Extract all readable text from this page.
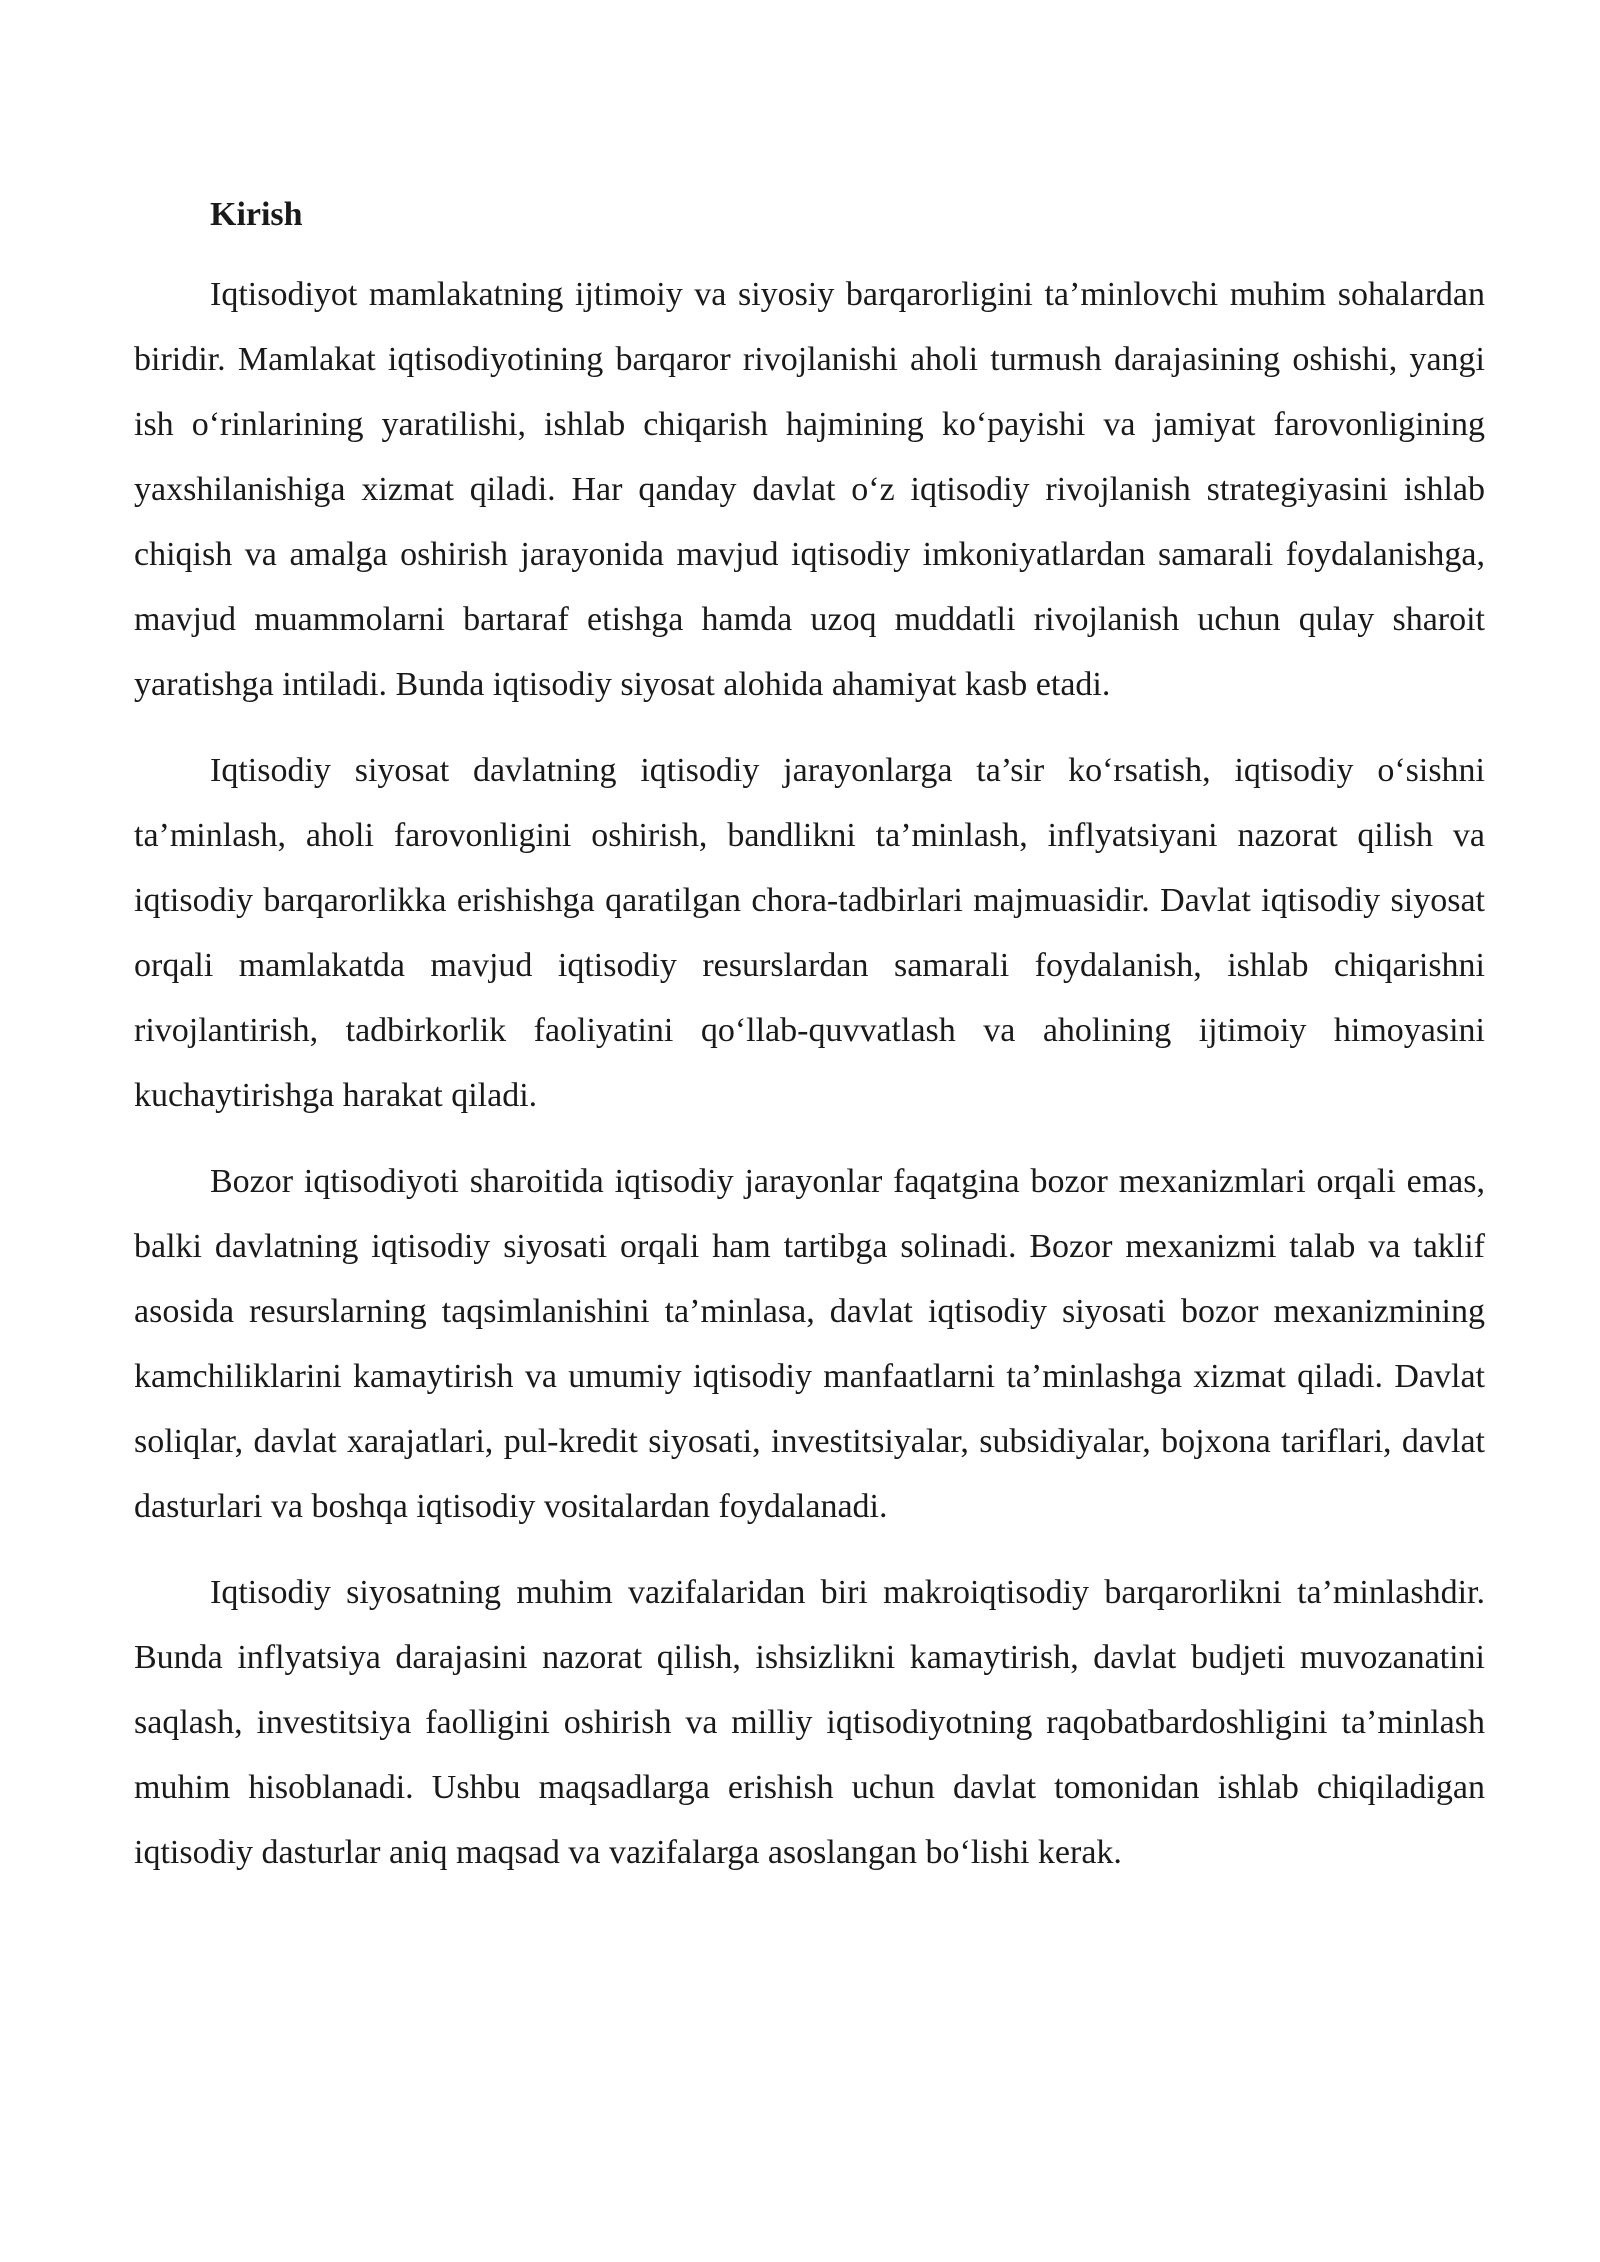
Kirish

Iqtisodiyot mamlakatning ijtimoiy va siyosiy barqarorligini ta’minlovchi muhim sohalardan biridir. Mamlakat iqtisodiyotining barqaror rivojlanishi aholi turmush darajasining oshishi, yangi ish o‘rinlarining yaratilishi, ishlab chiqarish hajmining ko‘payishi va jamiyat farovonligining yaxshilanishiga xizmat qiladi. Har qanday davlat o‘z iqtisodiy rivojlanish strategiyasini ishlab chiqish va amalga oshirish jarayonida mavjud iqtisodiy imkoniyatlardan samarali foydalanishga, mavjud muammolarni bartaraf etishga hamda uzoq muddatli rivojlanish uchun qulay sharoit yaratishga intiladi. Bunda iqtisodiy siyosat alohida ahamiyat kasb etadi.

Iqtisodiy siyosat davlatning iqtisodiy jarayonlarga ta’sir ko‘rsatish, iqtisodiy o‘sishni ta’minlash, aholi farovonligini oshirish, bandlikni ta’minlash, inflyatsiyani nazorat qilish va iqtisodiy barqarorlikka erishishga qaratilgan chora-tadbirlari majmuasidir. Davlat iqtisodiy siyosat orqali mamlakatda mavjud iqtisodiy resurslardan samarali foydalanish, ishlab chiqarishni rivojlantirish, tadbirkorlik faoliyatini qo‘llab-quvvatlash va aholining ijtimoiy himoyasini kuchaytirishga harakat qiladi.

Bozor iqtisodiyoti sharoitida iqtisodiy jarayonlar faqatgina bozor mexanizmlari orqali emas, balki davlatning iqtisodiy siyosati orqali ham tartibga solinadi. Bozor mexanizmi talab va taklif asosida resurslarning taqsimlanishini ta’minlasa, davlat iqtisodiy siyosati bozor mexanizmining kamchiliklarini kamaytirish va umumiy iqtisodiy manfaatlarni ta’minlashga xizmat qiladi. Davlat soliqlar, davlat xarajatlari, pul-kredit siyosati, investitsiyalar, subsidiyalar, bojxona tariflari, davlat dasturlari va boshqa iqtisodiy vositalardan foydalanadi.

Iqtisodiy siyosatning muhim vazifalaridan biri makroiqtisodiy barqarorlikni ta’minlashdir. Bunda inflyatsiya darajasini nazorat qilish, ishsizlikni kamaytirish, davlat budjeti muvozanatini saqlash, investitsiya faolligini oshirish va milliy iqtisodiyotning raqobatbardoshligini ta’minlash muhim hisoblanadi. Ushbu maqsadlarga erishish uchun davlat tomonidan ishlab chiqiladigan iqtisodiy dasturlar aniq maqsad va vazifalarga asoslangan bo‘lishi kerak.
